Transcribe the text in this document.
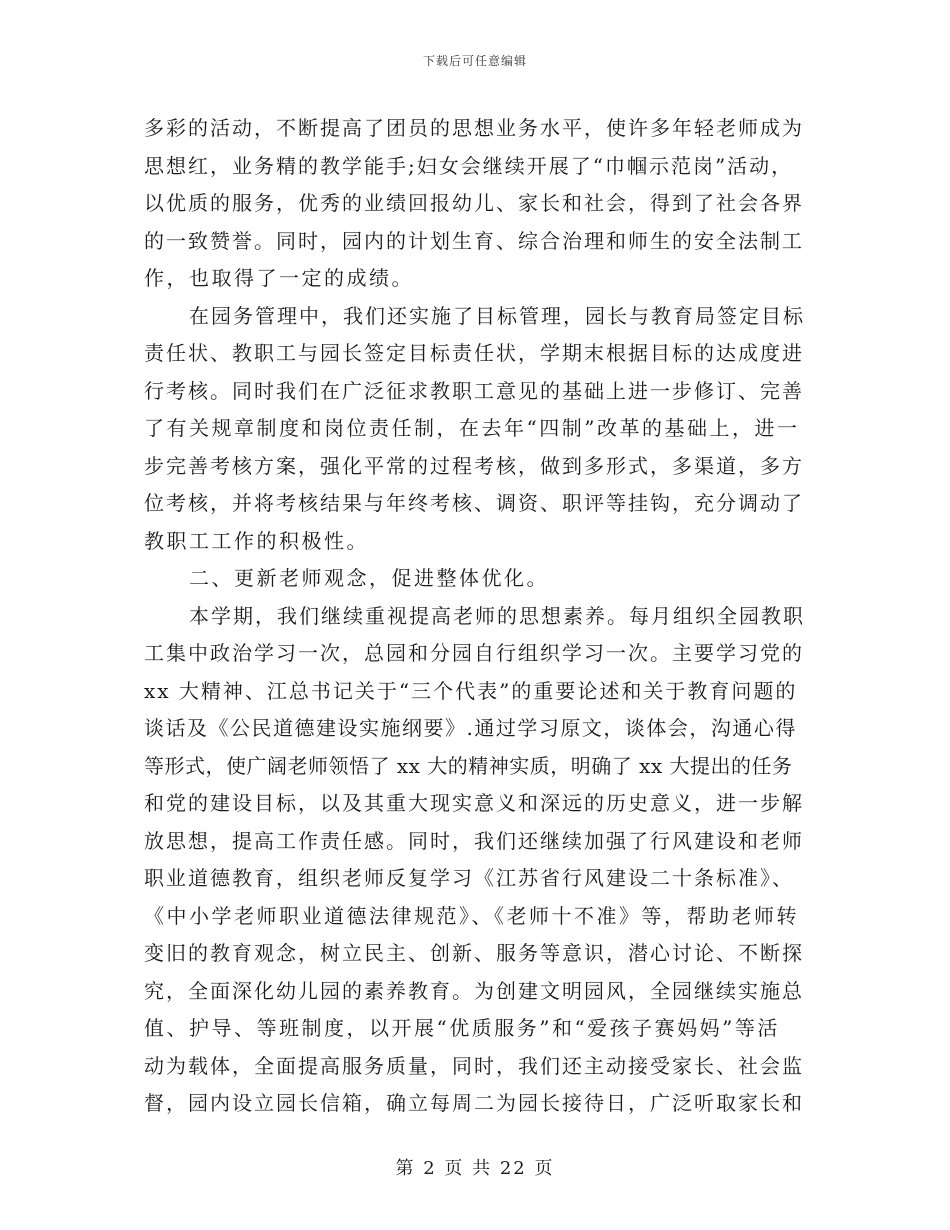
下载后可任意编辑
多彩的活动，不断提高了团员的思想业务水平，使许多年轻老师成为
思想红，业务精的教学能手;妇女会继续开展了“巾帼示范岗”活动，
以优质的服务，优秀的业绩回报幼儿、家长和社会，得到了社会各界
的一致赞誉。同时，园内的计划生育、综合治理和师生的安全法制工
作，也取得了一定的成绩。
在园务管理中，我们还实施了目标管理，园长与教育局签定目标
责任状、教职工与园长签定目标责任状，学期末根据目标的达成度进
行考核。同时我们在广泛征求教职工意见的基础上进一步修订、完善
了有关规章制度和岗位责任制，在去年“四制”改革的基础上，进一
步完善考核方案，强化平常的过程考核，做到多形式，多渠道，多方
位考核，并将考核结果与年终考核、调资、职评等挂钩，充分调动了
教职工工作的积极性。
二、更新老师观念，促进整体优化。
本学期，我们继续重视提高老师的思想素养。每月组织全园教职
工集中政治学习一次，总园和分园自行组织学习一次。主要学习党的
xx 大精神、江总书记关于“三个代表”的重要论述和关于教育问题的
谈话及《公民道德建设实施纲要》.通过学习原文，谈体会，沟通心得
等形式，使广阔老师领悟了 xx 大的精神实质，明确了 xx 大提出的任务
和党的建设目标，以及其重大现实意义和深远的历史意义，进一步解
放思想，提高工作责任感。同时，我们还继续加强了行风建设和老师
职业道德教育，组织老师反复学习《江苏省行风建设二十条标准》、
《中小学老师职业道德法律规范》、《老师十不准》等，帮助老师转
变旧的教育观念，树立民主、创新、服务等意识，潜心讨论、不断探
究，全面深化幼儿园的素养教育。为创建文明园风，全园继续实施总
值、护导、等班制度，以开展“优质服务”和“爱孩子赛妈妈”等活
动为载体，全面提高服务质量，同时，我们还主动接受家长、社会监
督，园内设立园长信箱，确立每周二为园长接待日，广泛听取家长和
第 2 页 共 22 页
